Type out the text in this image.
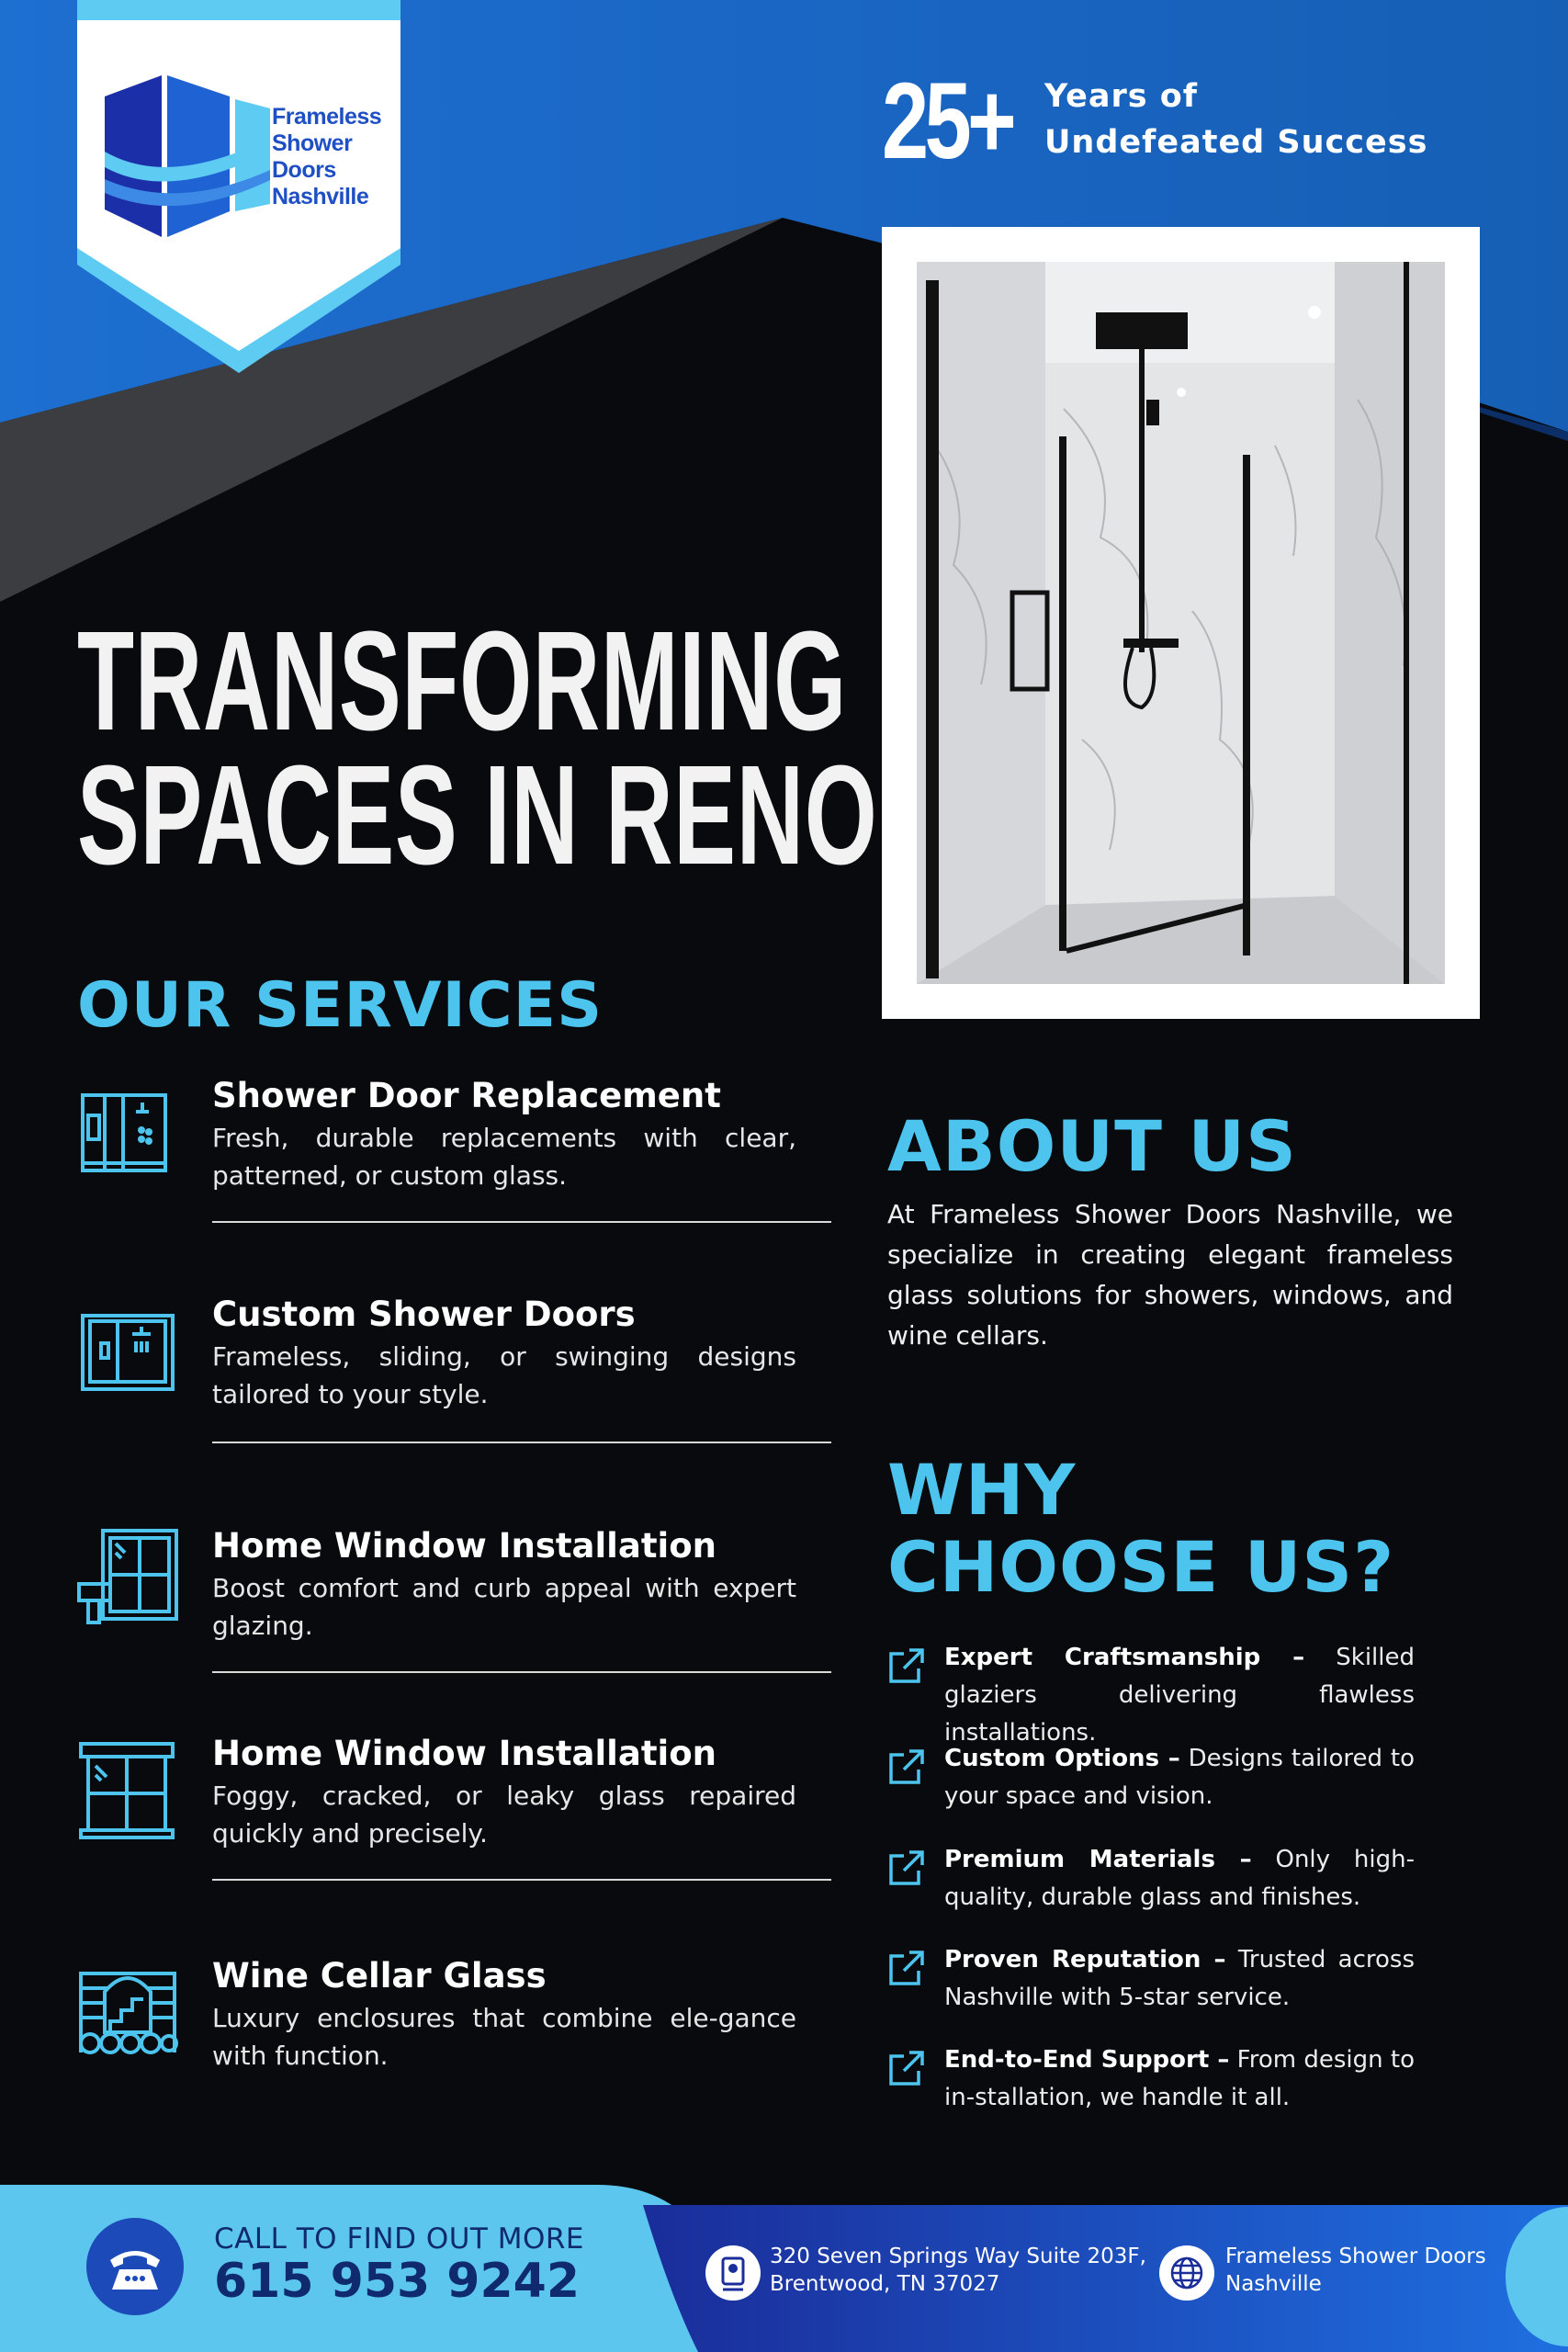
Frameless
Shower
Doors
Nashville
25+ Years of
Undefeated Success
TRANSFORMING
SPACES IN RENO
OUR SERVICES
Shower Door Replacement
Fresh, durable replacements with clear, patterned, or custom glass.
Custom Shower Doors
Frameless, sliding, or swinging designs tailored to your style.
Home Window Installation
Boost comfort and curb appeal with expert glazing.
Home Window Installation
Foggy, cracked, or leaky glass repaired quickly and precisely.
Wine Cellar Glass
Luxury enclosures that combine ele-gance with function.
ABOUT US
At Frameless Shower Doors Nashville, we specialize in creating elegant frameless glass solutions for showers, windows, and wine cellars.
WHY
CHOOSE US?
Expert Craftsmanship – Skilled glaziers delivering flawless installations.
Custom Options – Designs tailored to your space and vision.
Premium Materials – Only high-quality, durable glass and finishes.
Proven Reputation – Trusted across Nashville with 5-star service.
End-to-End Support – From design to in-stallation, we handle it all.
CALL TO FIND OUT MORE
615 953 9242	320 Seven Springs Way Suite 203F,
Brentwood, TN 37027
Frameless Shower Doors
Nashville
